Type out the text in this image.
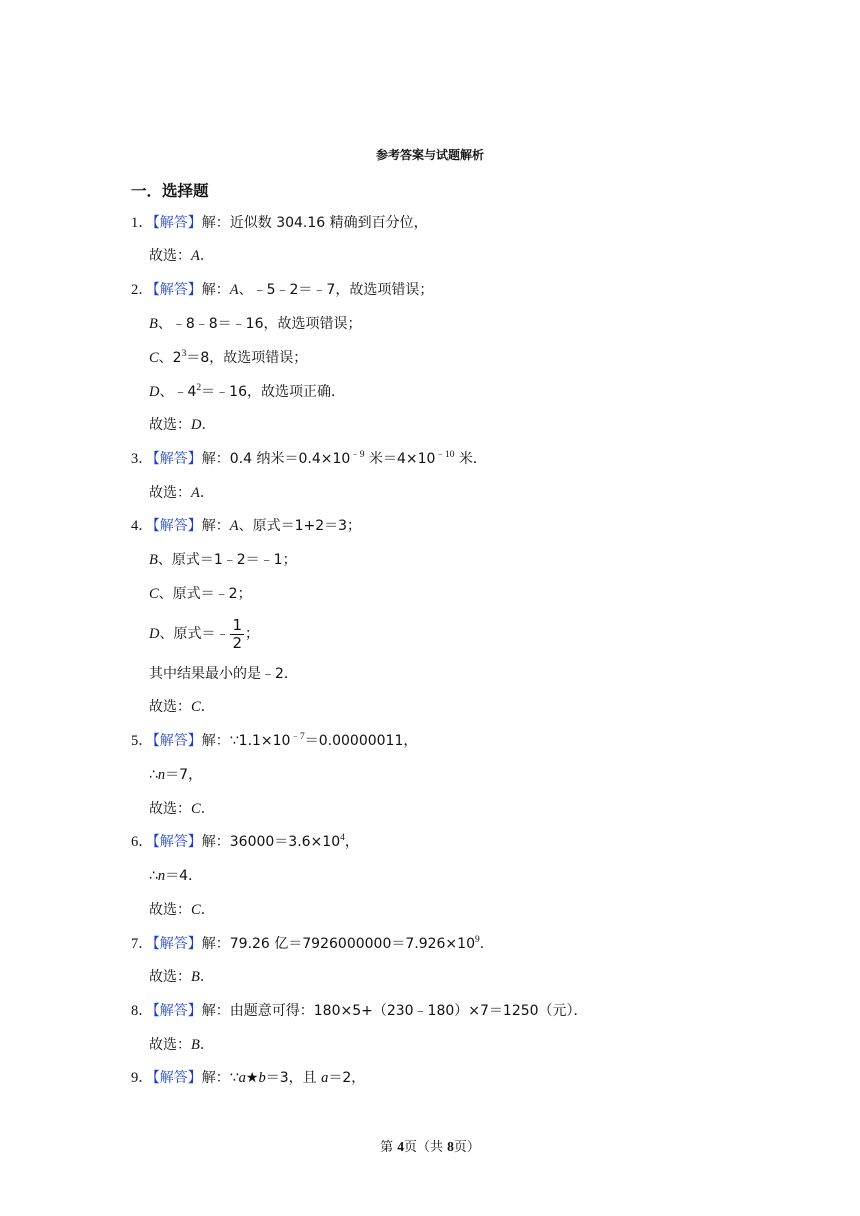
参考答案与试题解析
一．选择题
1．【解答】解：近似数 304.16 精确到百分位，
故选：A．
2．【解答】解：A、﹣5﹣2＝﹣7，故选项错误；
B、﹣8﹣8＝﹣16，故选项错误；
C、$2^3=8$，故选项错误；
D、$﹣4^2=﹣16$，故选项正确．
故选：D．
3．【解答】解：0.4 纳米$=0.4\times 10^{﹣9}$ 米$=4\times 10^{﹣10}$ 米．
故选：A．
4．【解答】解：A、原式＝1+2＝3；
B、原式＝1﹣2＝﹣1；
C、原式＝﹣2；
D、原式＝﹣ $\frac{1}{2}$ ；
其中结果最小的是﹣2．
故选：C．
5．【解答】解：$\because 1.1\times 10^{﹣7}=0.00000011$，
∴n＝7，
故选：C．
6．【解答】解：$36000=3.6\times 10^4$，
∴n＝4．
故选：C．
7．【解答】解：79.26 亿$=7926000000=7.926\times 10^9$．
故选：B．
8．【解答】解：由题意可得：180×5+（230﹣180）×7＝1250（元）．
故选：B．
9．【解答】解：∵a★b＝3，且 a＝2，
第 4页（共 8页）
